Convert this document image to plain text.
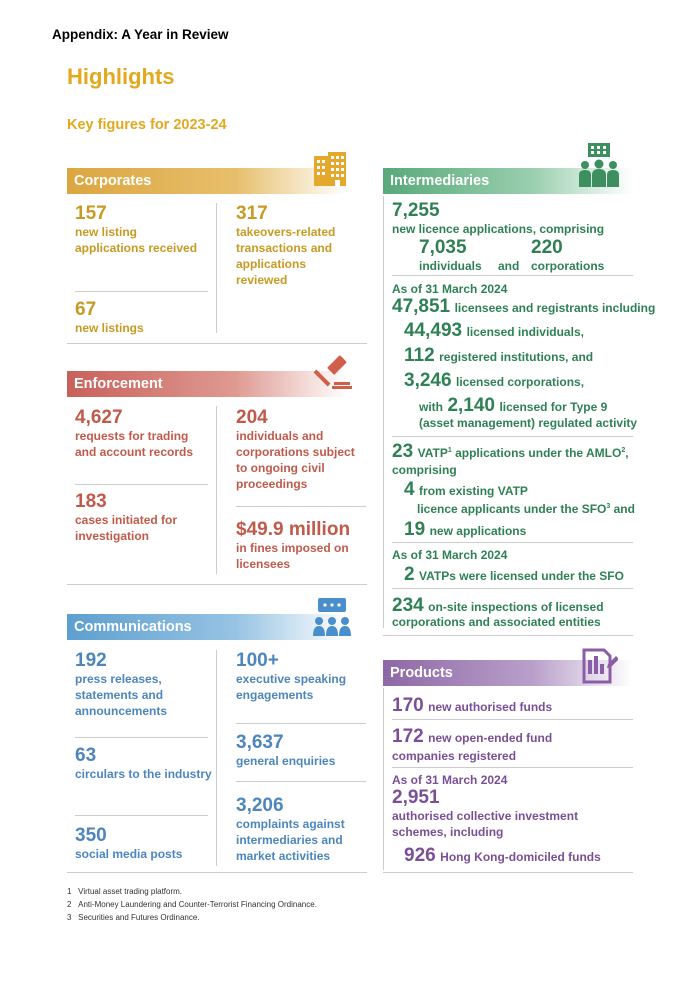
Appendix: A Year in Review
Highlights
Key figures for 2023-24
Corporates
157
new listing applications received
317
takeovers-related transactions and applications reviewed
67
new listings
Enforcement
4,627
requests for trading and account records
204
individuals and corporations subject to ongoing civil proceedings
183
cases initiated for investigation	$49.9 million
in fines imposed on licensees
Communications
192
press releases, statements and announcements
100+
executive speaking engagements
3,637
general enquiries
63
circulars to the industry
3,206
complaints against intermediaries and market activities
350
social media posts
Intermediaries
7,255
new licence applications, comprising
7,035
individuals and
220
corporations
As of 31 March 2024
47,851 licensees and registrants including
44,493 licensed individuals,
112 registered institutions, and
3,246 licensed corporations,
with 2,140 licensed for Type 9
(asset management) regulated activity
23 VATP$^1$ applications under the AMLO$^2$,
comprising
4 from existing VATP
licence applicants under the SFO$^3$ and
19 new applications
As of 31 March 2024
2 VATPs were licensed under the SFO
234 on-site inspections of licensed
corporations and associated entities
Products
170 new authorised funds
172 new open-ended fund
companies registered
As of 31 March 2024
2,951
authorised collective investment schemes, including
926 Hong Kong-domiciled funds
1 Virtual asset trading platform.
2 Anti-Money Laundering and Counter-Terrorist Financing Ordinance.
3 Securities and Futures Ordinance.
